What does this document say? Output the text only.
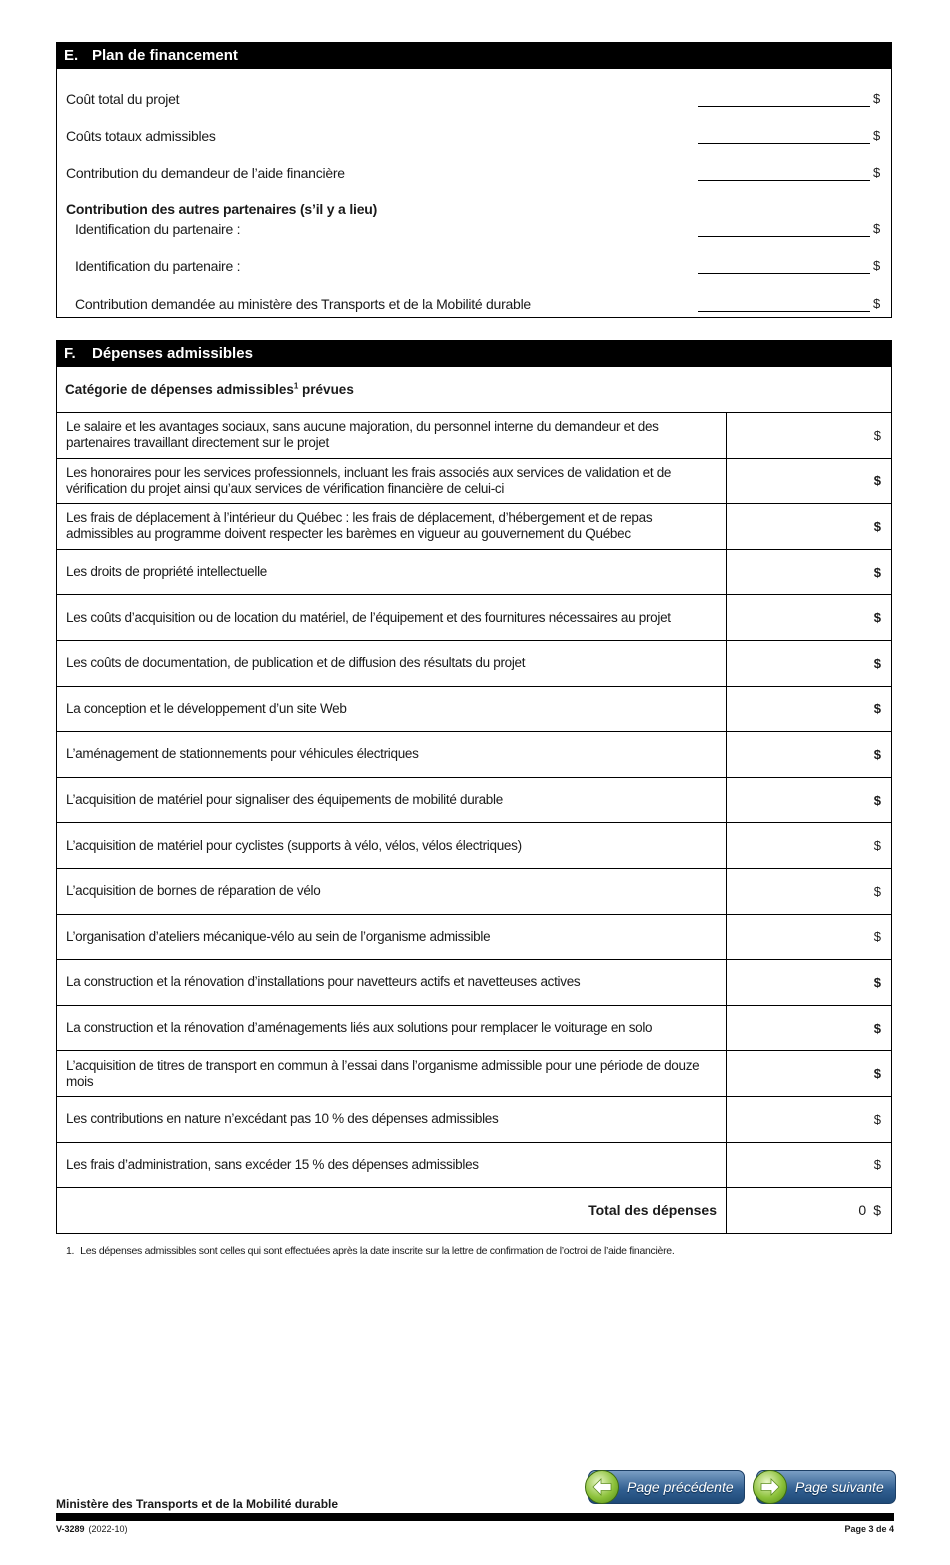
E. Plan de financement
Coût total du projet	$
Coûts totaux admissibles	$
Contribution du demandeur de l’aide financière	$
Contribution des autres partenaires (s’il y a lieu)
Identification du partenaire :	$
Identification du partenaire :	$
Contribution demandée au ministère des Transports et de la Mobilité durable	$
F. Dépenses admissibles
Catégorie de dépenses admissibles$^1$ prévues
Le salaire et les avantages sociaux, sans aucune majoration, du personnel interne du demandeur et des partenaires travaillant directement sur le projet	$
Les honoraires pour les services professionnels, incluant les frais associés aux services de validation et de vérification du projet ainsi qu’aux services de vérification financière de celui-ci	$
Les frais de déplacement à l’intérieur du Québec : les frais de déplacement, d’hébergement et de repas admissibles au programme doivent respecter les barèmes en vigueur au gouvernement du Québec	$
Les droits de propriété intellectuelle	$
Les coûts d’acquisition ou de location du matériel, de l’équipement et des fournitures nécessaires au projet	$
Les coûts de documentation, de publication et de diffusion des résultats du projet	$
La conception et le développement d’un site Web	$
L’aménagement de stationnements pour véhicules électriques	$
L’acquisition de matériel pour signaliser des équipements de mobilité durable	$
L’acquisition de matériel pour cyclistes (supports à vélo, vélos, vélos électriques)	$
L’acquisition de bornes de réparation de vélo	$
L’organisation d’ateliers mécanique-vélo au sein de l’organisme admissible	$
La construction et la rénovation d’installations pour navetteurs actifs et navetteuses actives	$
La construction et la rénovation d’aménagements liés aux solutions pour remplacer le voiturage en solo	$
L’acquisition de titres de transport en commun à l’essai dans l’organisme admissible pour une période de douze mois	$
Les contributions en nature n’excédant pas 10 % des dépenses admissibles	$
Les frais d’administration, sans excéder 15 % des dépenses admissibles	$
Total des dépenses	0 $
1. Les dépenses admissibles sont celles qui sont effectuées après la date inscrite sur la lettre de confirmation de l’octroi de l’aide financière.
Page précédente	Page suivante
Ministère des Transports et de la Mobilité durable
V-3289 (2022-10)	Page 3 de 4
